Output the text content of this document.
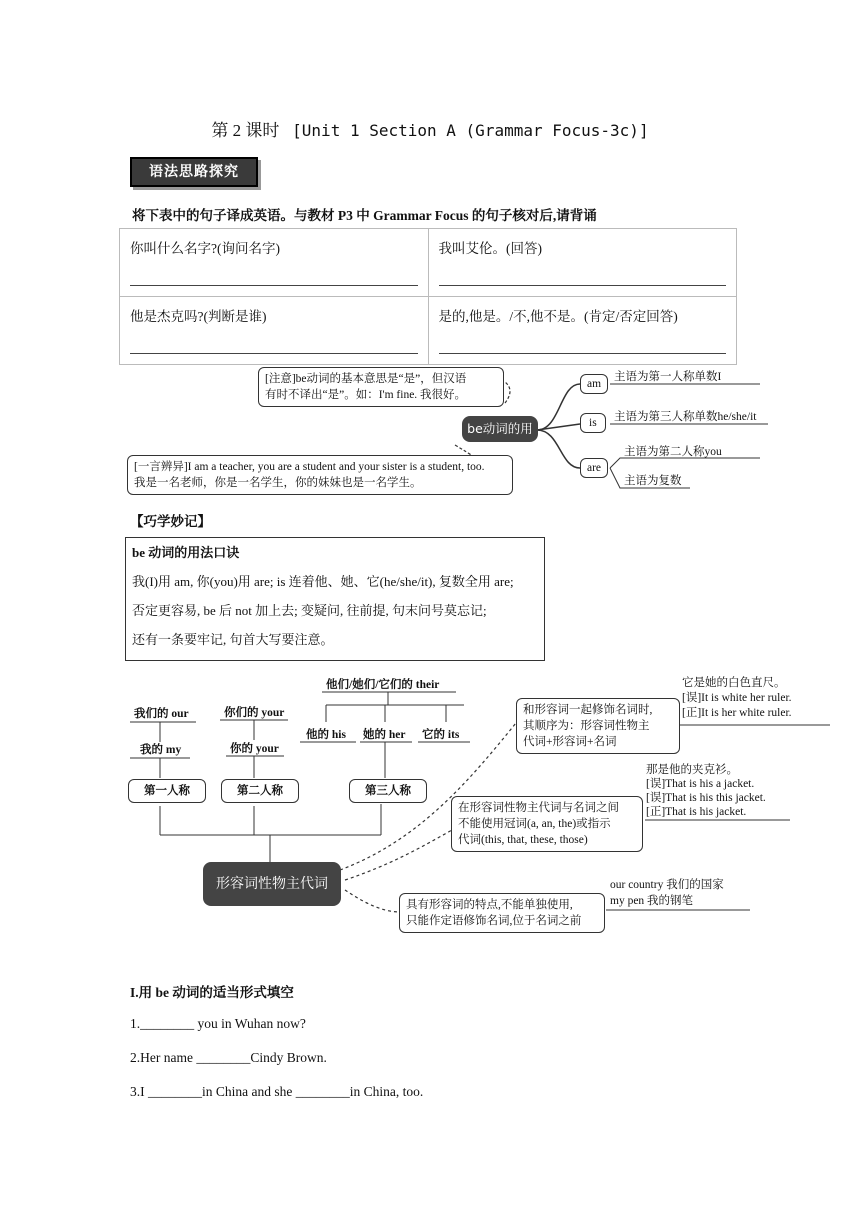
第 2 课时 [Unit 1 Section A (Grammar Focus-3c)]
语法思路探究
将下表中的句子译成英语。与教材 P3 中 Grammar Focus 的句子核对后,请背诵
你叫什么名字?(询问名字)	我叫艾伦。(回答)

他是杰克吗?(判断是谁)	是的,他是。/不,他不是。(肯定/否定回答)
[注意]be动词的基本意思是“是”，但汉语
有时不译出“是”。如：I'm fine. 我很好。
be动词的用
am
主语为第一人称单数I
is	主语为第三人称单数he/she/it
are
主语为第二人称you
主语为复数
[一言辨异]I am a teacher, you are a student and your sister is a student, too.
我是一名老师，你是一名学生，你的妹妹也是一名学生。
【巧学妙记】
be 动词的用法口诀
我(I)用 am, 你(you)用 are; is 连着他、她、它(he/she/it), 复数全用 are;
否定更容易, be 后 not 加上去; 变疑问, 往前提, 句末问号莫忘记;
还有一条要牢记, 句首大写要注意。
他们/她们/它们的 their
我们的 our	你们的 your
我的 my	你的 your
他的 his 她的 her 它的 its
第一人称	第二人称	第三人称
形容词性物主代词
和形容词一起修饰名词时,
其顺序为：形容词性物主
代词+形容词+名词
它是她的白色直尺。
[误]It is white her ruler.
[正]It is her white ruler.
在形容词性物主代词与名词之间
不能使用冠词(a, an, the)或指示
代词(this, that, these, those)
那是他的夹克衫。
[误]That is his a jacket.
[误]That is his this jacket.
[正]That is his jacket.
具有形容词的特点,不能单独使用,
只能作定语修饰名词,位于名词之前
our country 我们的国家
my pen 我的钢笔
I.用 be 动词的适当形式填空
1.________ you in Wuhan now?
2.Her name ________Cindy Brown.
3.I ________in China and she ________in China, too.
